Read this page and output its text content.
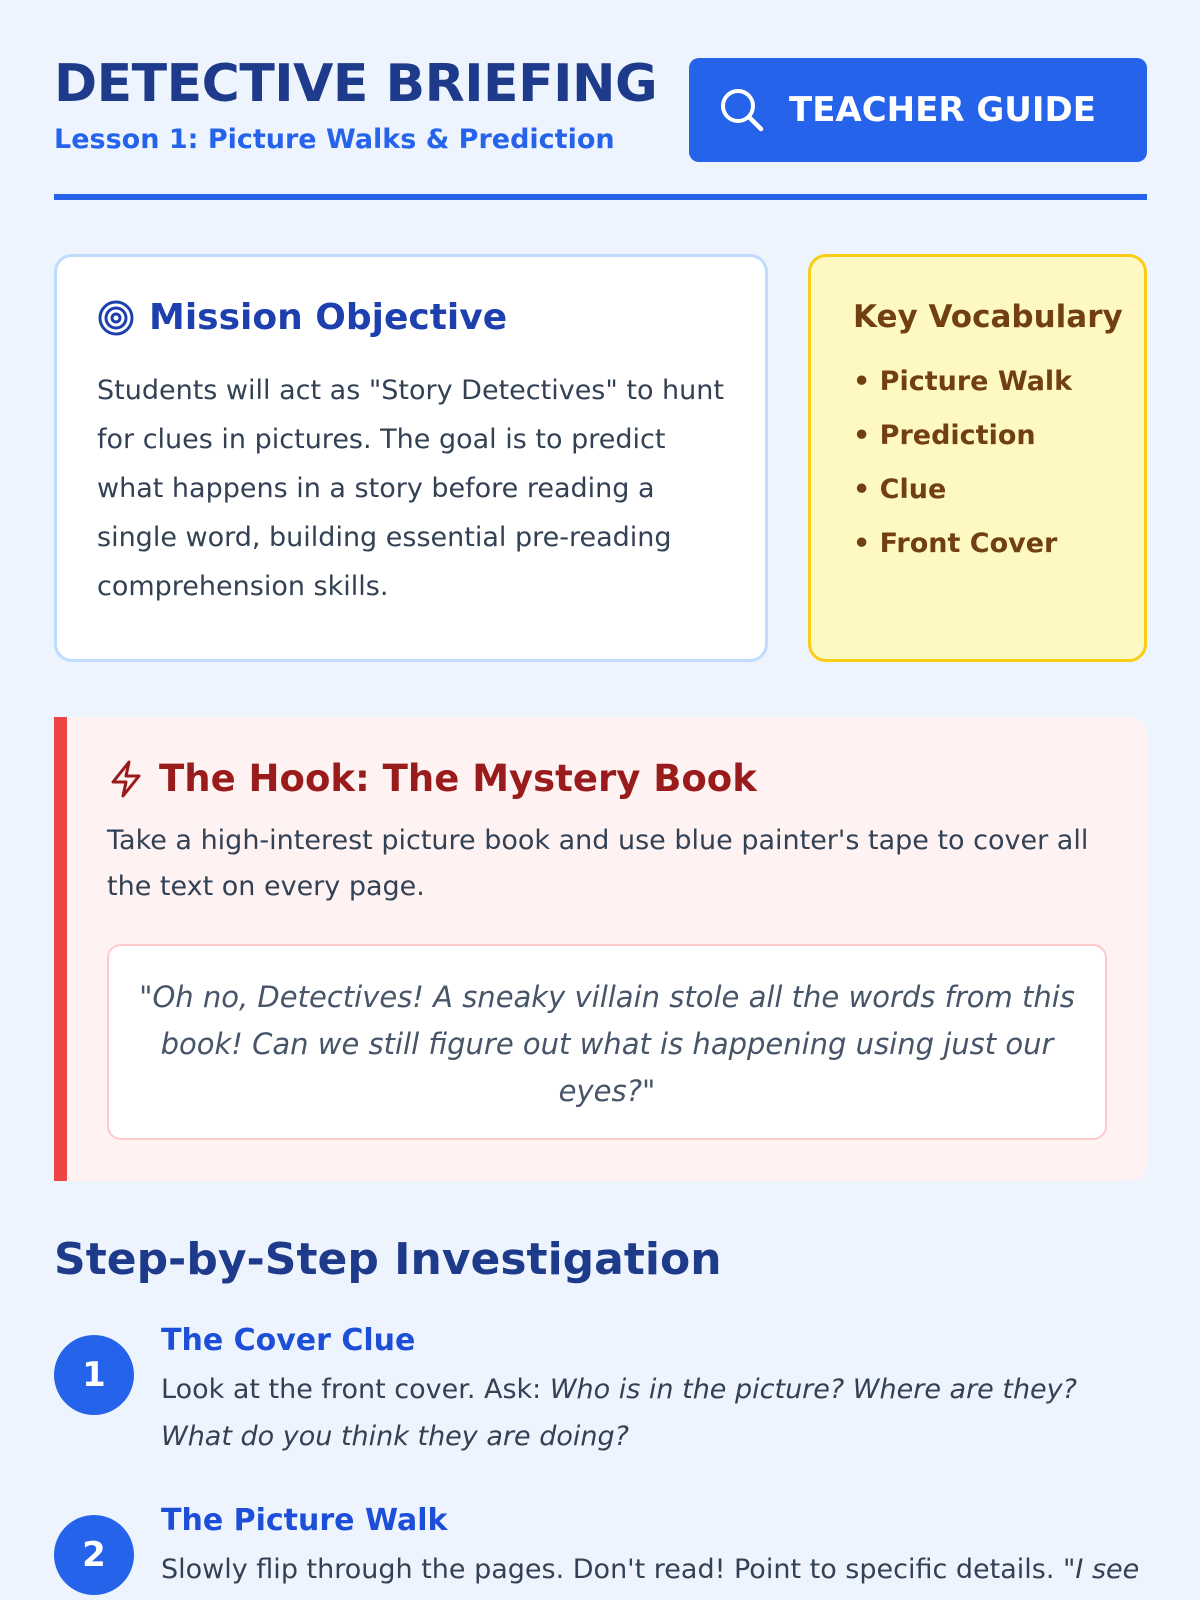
DETECTIVE BRIEFING
Lesson 1: Picture Walks & Prediction
TEACHER GUIDE
Mission Objective

Students will act as "Story Detectives" to hunt for clues in pictures. The goal is to predict what happens in a story before reading a single word, building essential pre-reading comprehension skills.

Key Vocabulary
• Picture Walk
• Prediction
• Clue
• Front Cover
The Hook: The Mystery Book

Take a high-interest picture book and use blue painter's tape to cover all the text on every page.

"Oh no, Detectives! A sneaky villain stole all the words from this book! Can we still figure out what is happening using just our eyes?"
Step-by-Step Investigation
1
The Cover Clue

Look at the front cover. Ask: Who is in the picture? Where are they? What do you think they are doing?

2
The Picture Walk

Slowly flip through the pages. Don't read! Point to specific details. "I see
